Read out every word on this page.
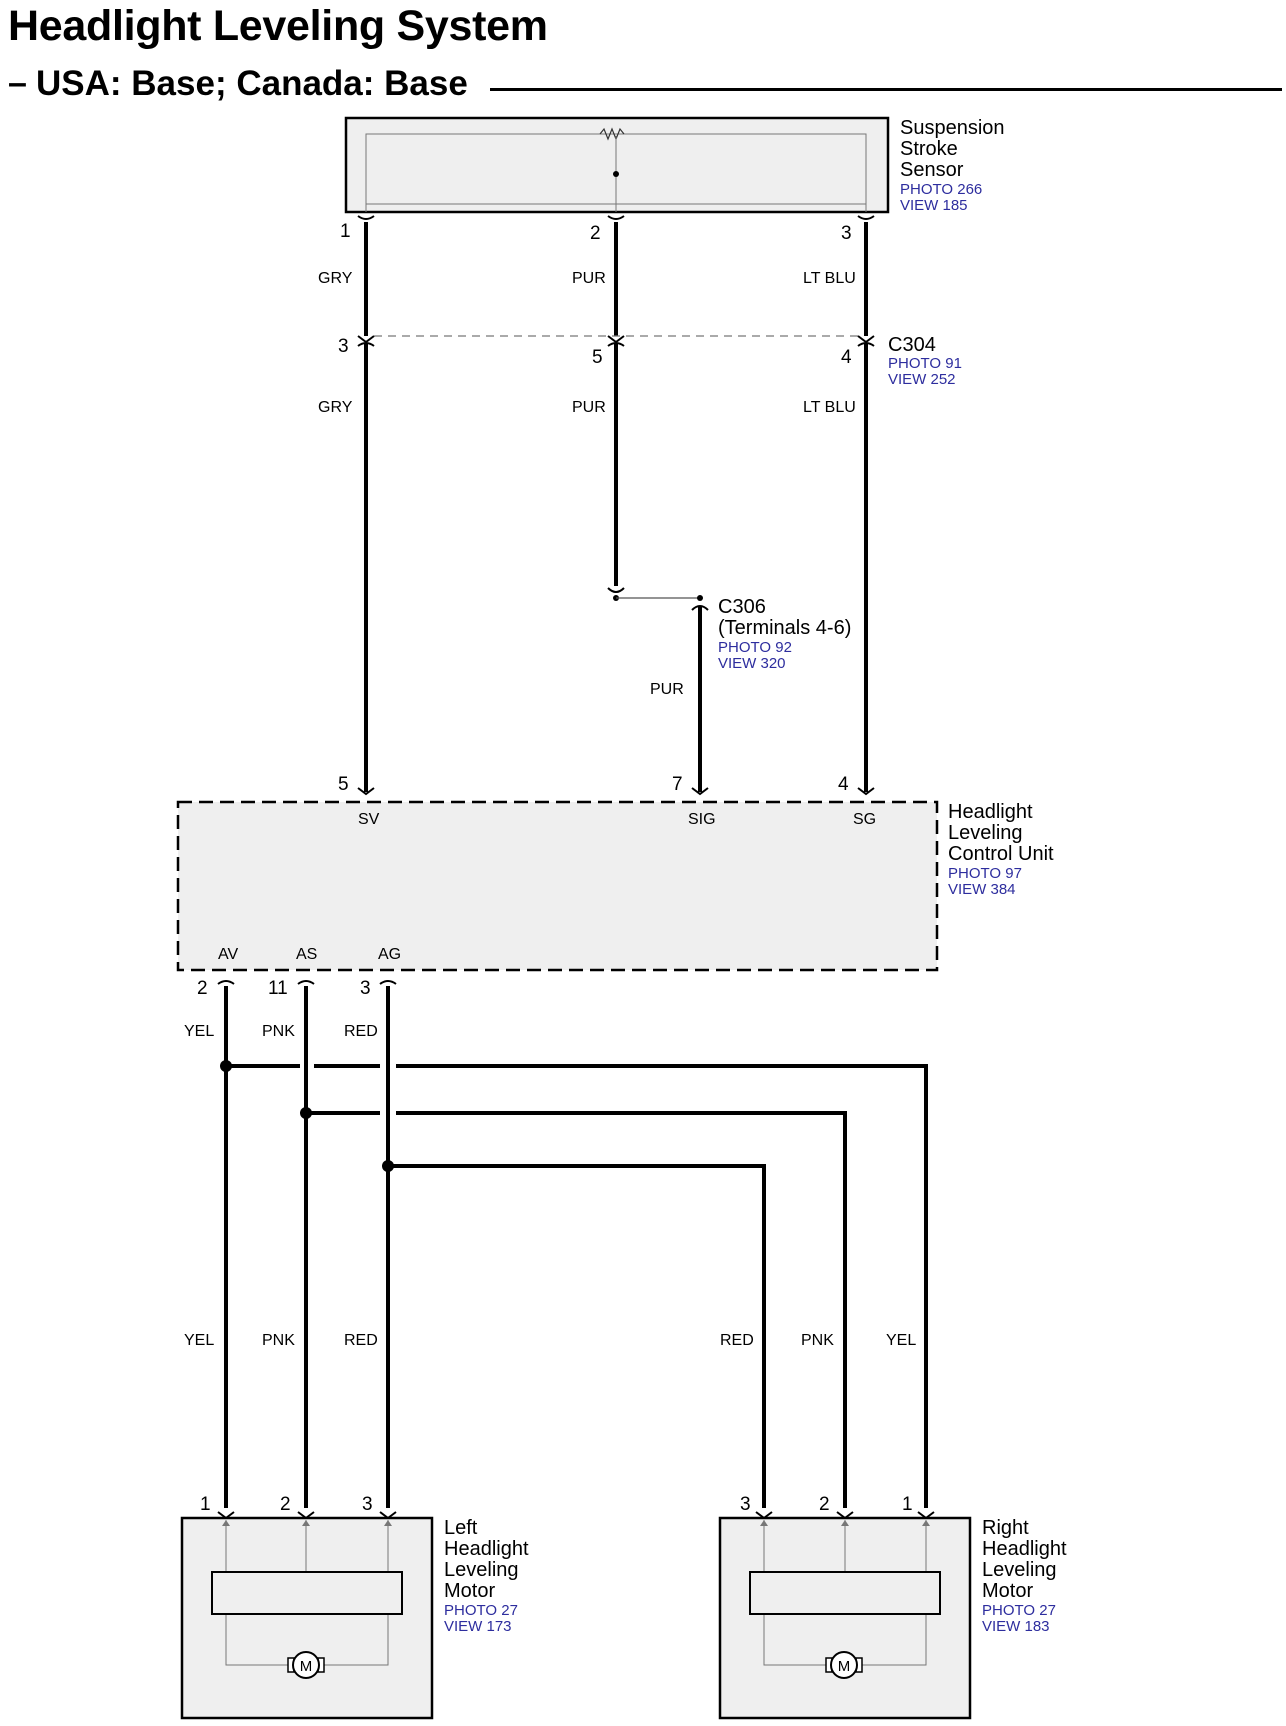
Headlight Leveling System
– USA: Base; Canada: Base
Suspension
Stroke
Sensor
PHOTO 266
VIEW 185
1	2	3
GRY	PUR	LT BLU
3
5	4
C304
PHOTO 91
VIEW 252
GRY	PUR	LT BLU
C306
(Terminals 4-6)
PHOTO 92
VIEW 320
PUR
5	7	4
SV	SIG	SG
AV	AS	AG
2	11	3
Headlight
Leveling
Control Unit
PHOTO 97
VIEW 384
YEL	PNK	RED
YEL	PNK	RED	RED	PNK	YEL
M
1	2	3
Left
Headlight
Leveling
Motor
PHOTO 27
VIEW 173
M
3	2	1
Right
Headlight
Leveling
Motor
PHOTO 27
VIEW 183
